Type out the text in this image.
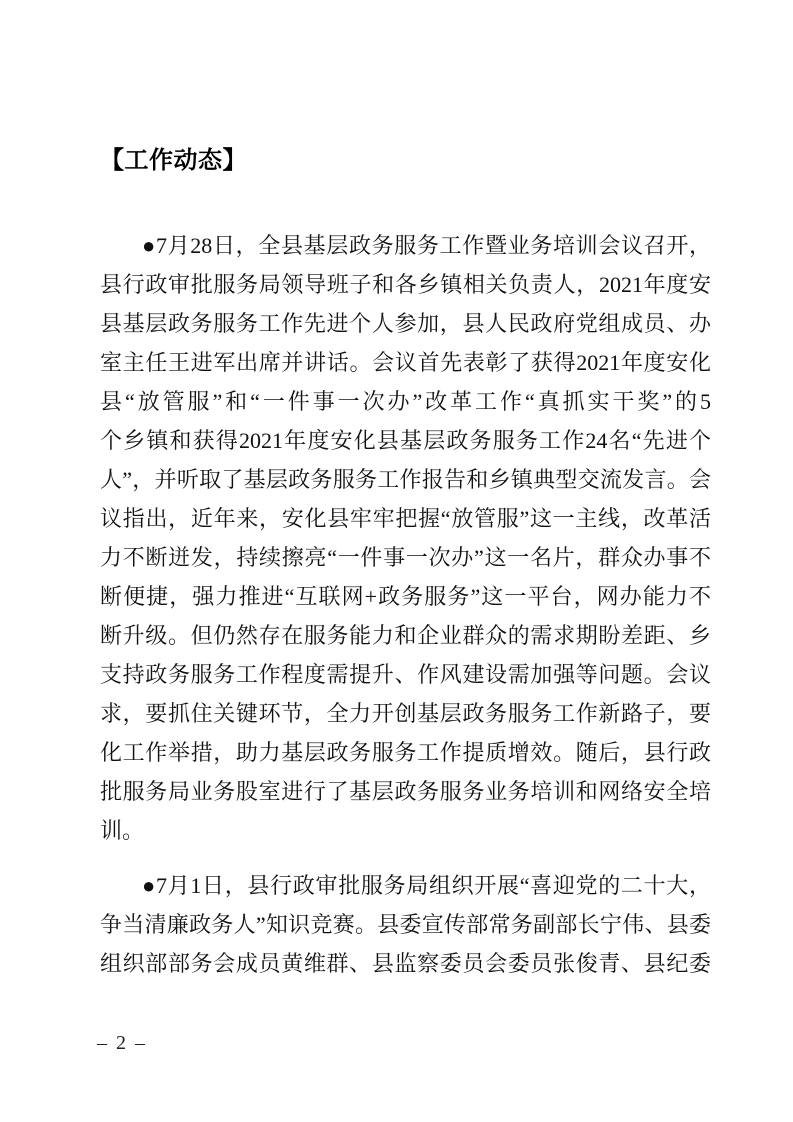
【工作动态】
●7月28日，全县基层政务服务工作暨业务培训会议召开，
县行政审批服务局领导班子和各乡镇相关负责人，2021年度安
县基层政务服务工作先进个人参加，县人民政府党组成员、办
室主任王进军出席并讲话。会议首先表彰了获得2021年度安化
县“放管服”和“一件事一次办”改革工作“真抓实干奖”的5
个乡镇和获得2021年度安化县基层政务服务工作24名“先进个
人”，并听取了基层政务服务工作报告和乡镇典型交流发言。会
议指出，近年来，安化县牢牢把握“放管服”这一主线，改革活
力不断迸发，持续擦亮“一件事一次办”这一名片，群众办事不
断便捷，强力推进“互联网+政务服务”这一平台，网办能力不
断升级。但仍然存在服务能力和企业群众的需求期盼差距、乡
支持政务服务工作程度需提升、作风建设需加强等问题。会议
求，要抓住关键环节，全力开创基层政务服务工作新路子，要
化工作举措，助力基层政务服务工作提质增效。随后，县行政
批服务局业务股室进行了基层政务服务业务培训和网络安全培
训。
●7月1日，县行政审批服务局组织开展“喜迎党的二十大，
争当清廉政务人”知识竞赛。县委宣传部常务副部长宁伟、县委
组织部部务会成员黄维群、县监察委员会委员张俊青、县纪委
– 2 –
